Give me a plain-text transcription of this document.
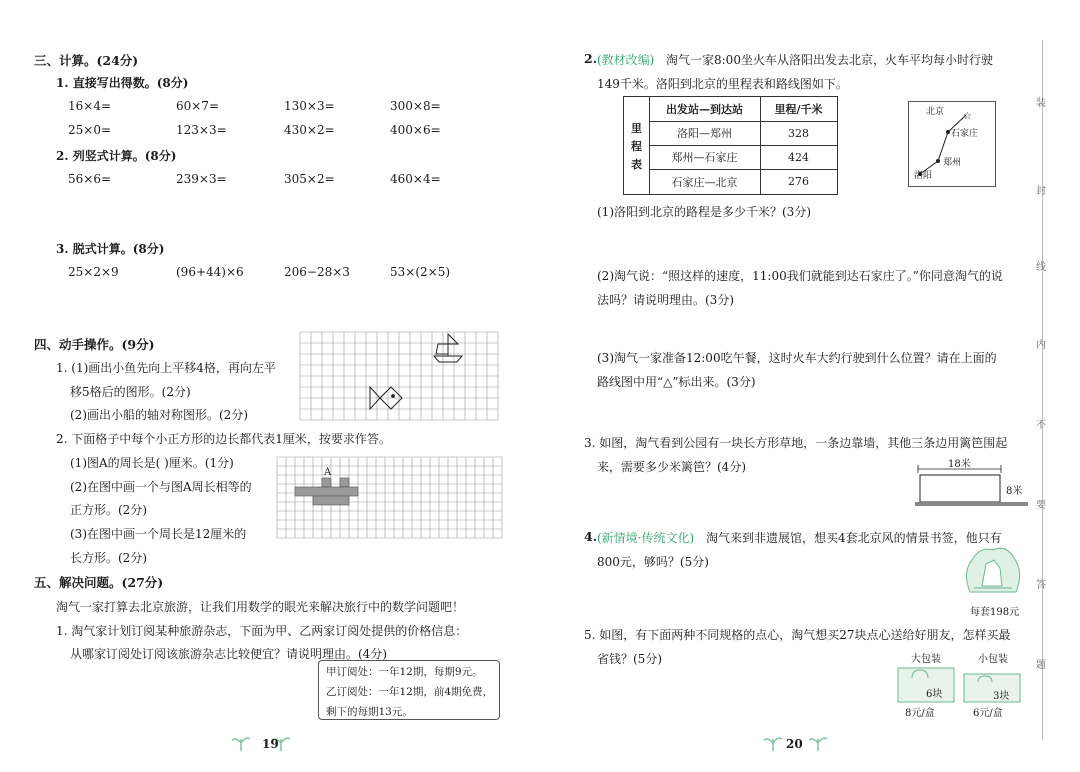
三、计算。(24分)
1. 直接写出得数。(8分)
16×4=	60×7=	130×3=	300×8=
25×0=	123×3=	430×2=	400×6=
2. 列竖式计算。(8分)
56×6=	239×3=	305×2=	460×4=
3. 脱式计算。(8分)
25×2×9	(96+44)×6	206−28×3	53×(2×5)
四、动手操作。(9分)
1. (1)画出小鱼先向上平移4格，再向左平
移5格后的图形。(2分)
(2)画出小船的轴对称图形。(2分)
2. 下面格子中每个小正方形的边长都代表1厘米，按要求作答。
(1)图A的周长是( )厘米。(1分)
(2)在图中画一个与图A周长相等的
正方形。(2分)
(3)在图中画一个周长是12厘米的
长方形。(2分)
A
五、解决问题。(27分)
淘气一家打算去北京旅游，让我们用数学的眼光来解决旅行中的数学问题吧！
1. 淘气家计划订阅某种旅游杂志，下面为甲、乙两家订阅处提供的价格信息：
从哪家订阅处订阅该旅游杂志比较便宜？请说明理由。(4分)
甲订阅处：一年12期，每期9元。
乙订阅处：一年12期，前4期免费，
剩下的每期13元。
19
2. (教材改编) 淘气一家8:00坐火车从洛阳出发去北京，火车平均每小时行驶
149千米。洛阳到北京的里程表和路线图如下。
里
程
表
出发站—到达站	里程/千米
洛阳—郑州	328
郑州—石家庄	424
石家庄—北京	276
☆
北京
石家庄
郑州
洛阳
(1)洛阳到北京的路程是多少千米？(3分)
(2)淘气说：“照这样的速度，11:00我们就能到达石家庄了。”你同意淘气的说
法吗？请说明理由。(3分)
(3)淘气一家准备12:00吃午餐，这时火车大约行驶到什么位置？请在上面的
路线图中用“△”标出来。(3分)
3. 如图，淘气看到公园有一块长方形草地，一条边靠墙，其他三条边用篱笆围起
来，需要多少米篱笆？(4分)	18米
8米
4. (新情境·传统文化) 淘气来到非遗展馆，想买4套北京风的情景书签，他只有
800元，够吗？(5分)
每套198元
5. 如图，有下面两种不同规格的点心，淘气想买27块点心送给好朋友，怎样买最
省钱？(5分)	大包装	小包装
6块	3块
8元/盒	6元/盒
装
封
线
内
不
要
答
题
20
